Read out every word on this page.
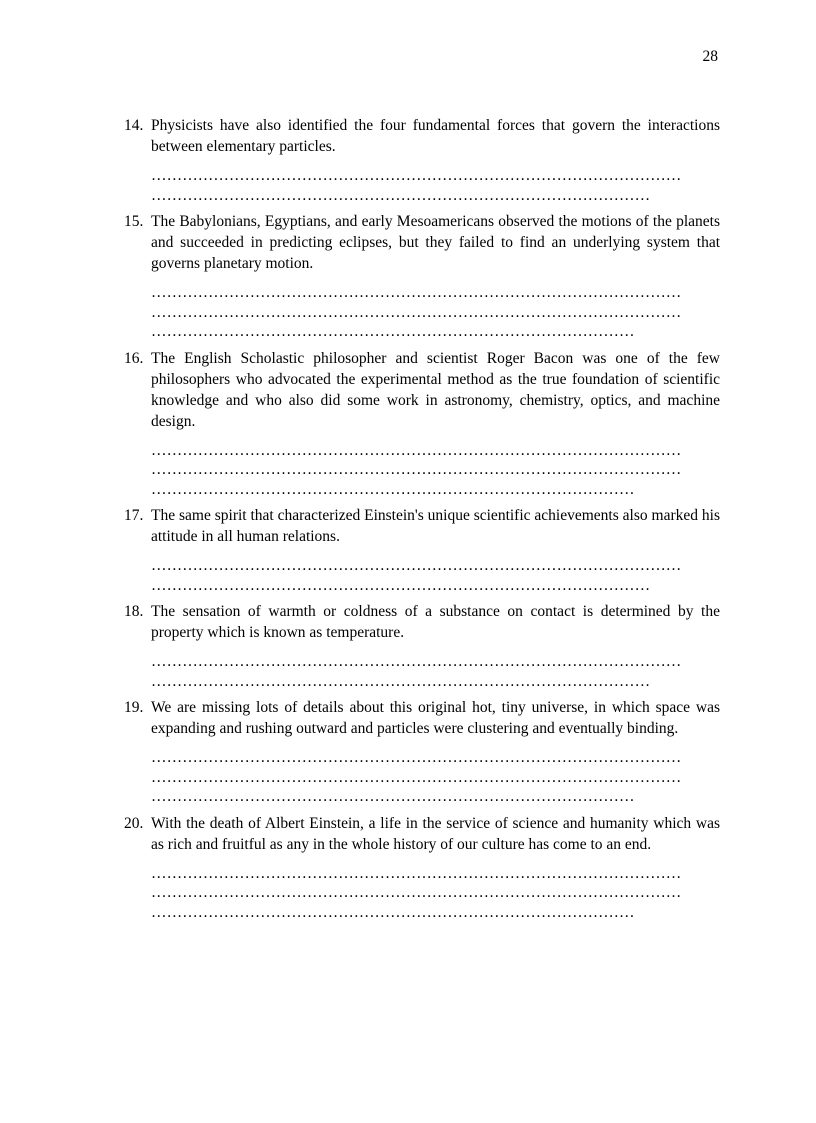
28
14. Physicists have also identified the four fundamental forces that govern the interactions between elementary particles.

…………………………………………………………………………………………
……………………………………………………………………………………
15. The Babylonians, Egyptians, and early Mesoamericans observed the motions of the planets and succeeded in predicting eclipses, but they failed to find an underlying system that governs planetary motion.

…………………………………………………………………………………………
…………………………………………………………………………………………
…………………………………………………………………………………
16. The English Scholastic philosopher and scientist Roger Bacon was one of the few philosophers who advocated the experimental method as the true foundation of scientific knowledge and who also did some work in astronomy, chemistry, optics, and machine design.

…………………………………………………………………………………………
…………………………………………………………………………………………
…………………………………………………………………………………
17. The same spirit that characterized Einstein's unique scientific achievements also marked his attitude in all human relations.

…………………………………………………………………………………………
……………………………………………………………………………………
18. The sensation of warmth or coldness of a substance on contact is determined by the property which is known as temperature.

…………………………………………………………………………………………
……………………………………………………………………………………
19. We are missing lots of details about this original hot, tiny universe, in which space was expanding and rushing outward and particles were clustering and eventually binding.

…………………………………………………………………………………………
…………………………………………………………………………………………
…………………………………………………………………………………
20. With the death of Albert Einstein, a life in the service of science and humanity which was as rich and fruitful as any in the whole history of our culture has come to an end.

…………………………………………………………………………………………
…………………………………………………………………………………………
…………………………………………………………………………………
